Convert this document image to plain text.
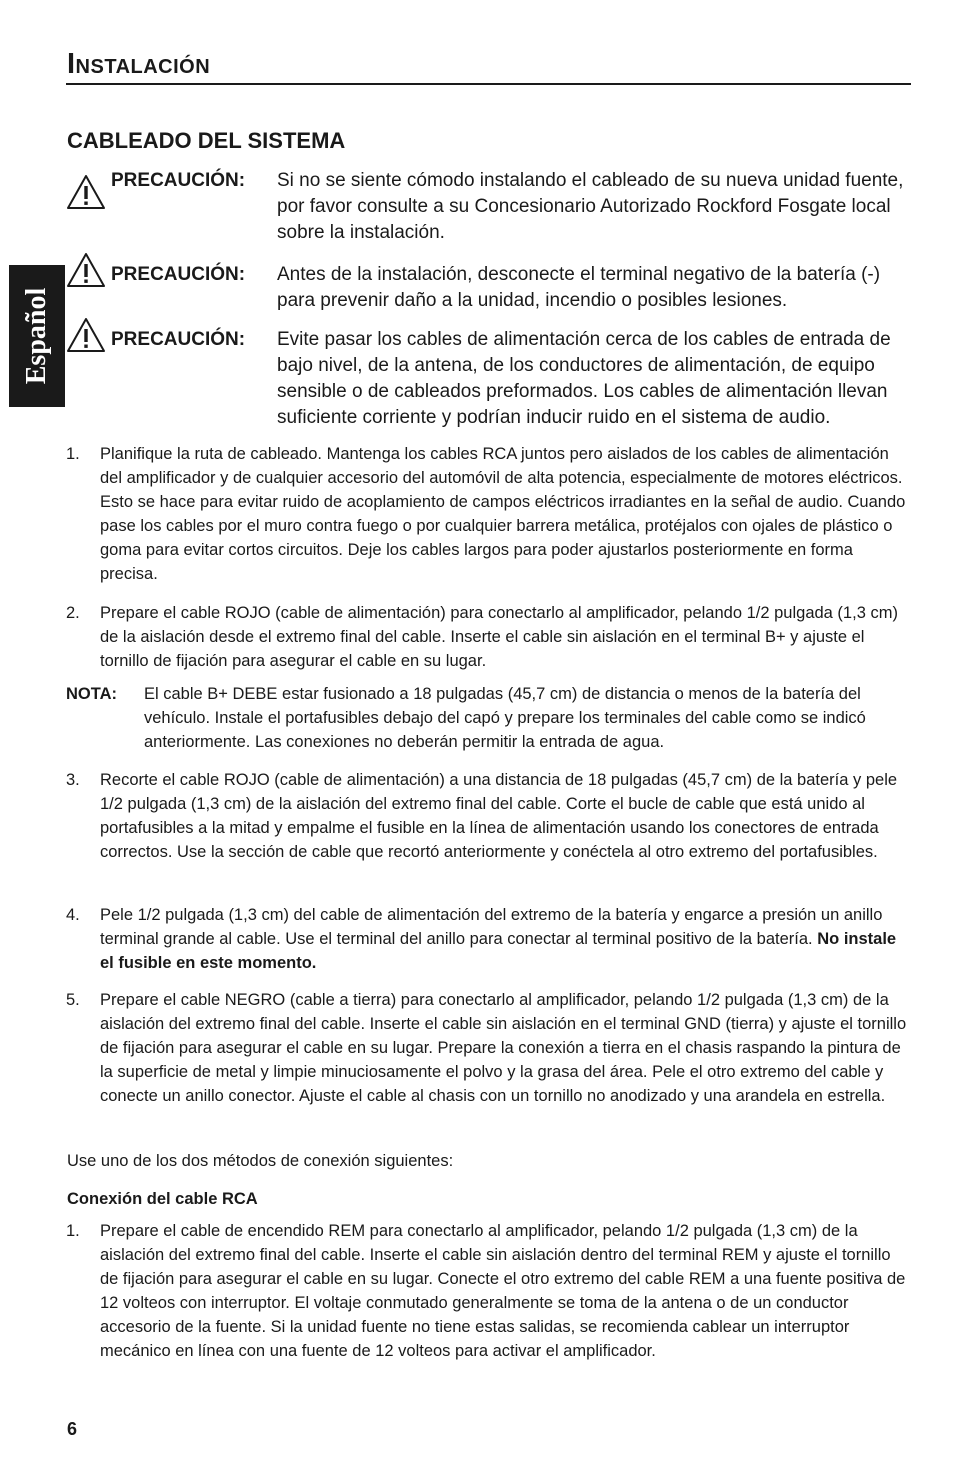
Instalación
Español
CABLEADO DEL SISTEMA
PRECAUCIÓN: Si no se siente cómodo instalando el cableado de su nueva unidad fuente, por favor consulte a su Concesionario Autorizado Rockford Fosgate local sobre la instalación.
PRECAUCIÓN: Antes de la instalación, desconecte el terminal negativo de la batería (-) para prevenir daño a la unidad, incendio o posibles lesiones.
PRECAUCIÓN: Evite pasar los cables de alimentación cerca de los cables de entrada de bajo nivel, de la antena, de los conductores de alimentación, de equipo sensible o de cableados preformados. Los cables de alimentación llevan suficiente corriente y podrían inducir ruido en el sistema de audio.
1. Planifique la ruta de cableado. Mantenga los cables RCA juntos pero aislados de los cables de alimentación del amplificador y de cualquier accesorio del automóvil de alta potencia, especialmente de motores eléctricos. Esto se hace para evitar ruido de acoplamiento de campos eléctricos irradiantes en la señal de audio. Cuando pase los cables por el muro contra fuego o por cualquier barrera metálica, protéjalos con ojales de plástico o goma para evitar cortos circuitos. Deje los cables largos para poder ajustarlos posteriormente en forma precisa.
2. Prepare el cable ROJO (cable de alimentación) para conectarlo al amplificador, pelando 1/2 pulgada (1,3 cm) de la aislación desde el extremo final del cable. Inserte el cable sin aislación en el terminal B+ y ajuste el tornillo de fijación para asegurar el cable en su lugar.
NOTA: El cable B+ DEBE estar fusionado a 18 pulgadas (45,7 cm) de distancia o menos de la batería del vehículo. Instale el portafusibles debajo del capó y prepare los terminales del cable como se indicó anteriormente. Las conexiones no deberán permitir la entrada de agua.
3. Recorte el cable ROJO (cable de alimentación) a una distancia de 18 pulgadas (45,7 cm) de la batería y pele 1/2 pulgada (1,3 cm) de la aislación del extremo final del cable. Corte el bucle de cable que está unido al portafusibles a la mitad y empalme el fusible en la línea de alimentación usando los conectores de entrada correctos. Use la sección de cable que recortó anteriormente y conéctela al otro extremo del portafusibles.
4. Pele 1/2 pulgada (1,3 cm) del cable de alimentación del extremo de la batería y engarce a presión un anillo terminal grande al cable. Use el terminal del anillo para conectar al terminal positivo de la batería. No instale el fusible en este momento.
5. Prepare el cable NEGRO (cable a tierra) para conectarlo al amplificador, pelando 1/2 pulgada (1,3 cm) de la aislación del extremo final del cable. Inserte el cable sin aislación en el terminal GND (tierra) y ajuste el tornillo de fijación para asegurar el cable en su lugar. Prepare la conexión a tierra en el chasis raspando la pintura de la superficie de metal y limpie minuciosamente el polvo y la grasa del área. Pele el otro extremo del cable y conecte un anillo conector. Ajuste el cable al chasis con un tornillo no anodizado y una arandela en estrella.
Use uno de los dos métodos de conexión siguientes:
Conexión del cable RCA
1. Prepare el cable de encendido REM para conectarlo al amplificador, pelando 1/2 pulgada (1,3 cm) de la aislación del extremo final del cable. Inserte el cable sin aislación dentro del terminal REM y ajuste el tornillo de fijación para asegurar el cable en su lugar. Conecte el otro extremo del cable REM a una fuente positiva de 12 volteos con interruptor. El voltaje conmutado generalmente se toma de la antena o de un conductor accesorio de la fuente. Si la unidad fuente no tiene estas salidas, se recomienda cablear un interruptor mecánico en línea con una fuente de 12 volteos para activar el amplificador.
6
